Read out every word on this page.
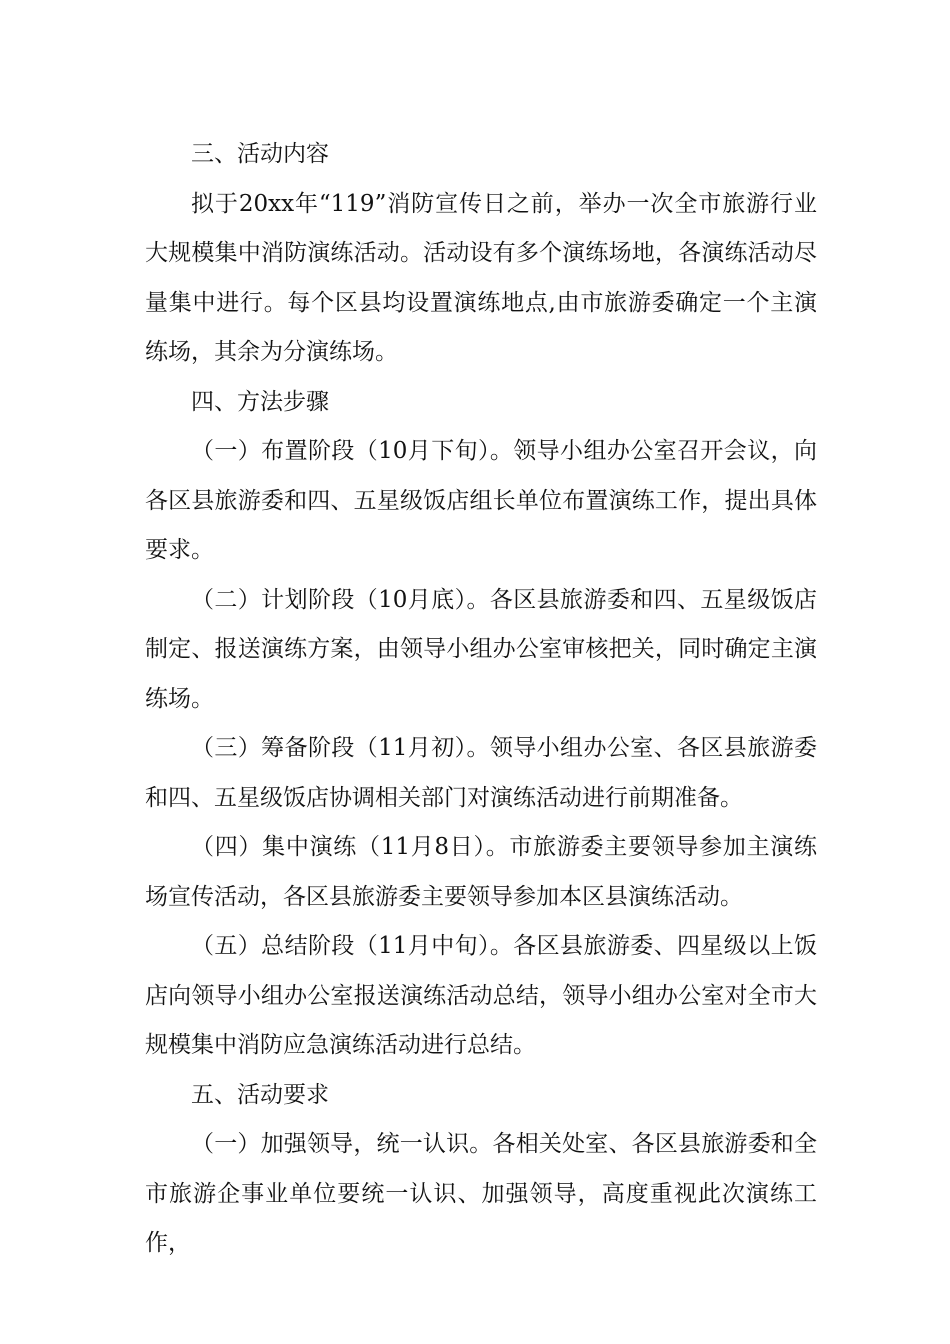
三、活动内容

拟于20xx年“119”消防宣传日之前，举办一次全市旅游行业大规模集中消防演练活动。活动设有多个演练场地，各演练活动尽量集中进行。每个区县均设置演练地点,由市旅游委确定一个主演练场，其余为分演练场。

四、方法步骤

（一）布置阶段（10月下旬）。领导小组办公室召开会议，向各区县旅游委和四、五星级饭店组长单位布置演练工作，提出具体要求。

（二）计划阶段（10月底）。各区县旅游委和四、五星级饭店制定、报送演练方案，由领导小组办公室审核把关，同时确定主演练场。

（三）筹备阶段（11月初）。领导小组办公室、各区县旅游委和四、五星级饭店协调相关部门对演练活动进行前期准备。

（四）集中演练（11月8日）。市旅游委主要领导参加主演练场宣传活动，各区县旅游委主要领导参加本区县演练活动。

（五）总结阶段（11月中旬）。各区县旅游委、四星级以上饭店向领导小组办公室报送演练活动总结，领导小组办公室对全市大规模集中消防应急演练活动进行总结。

五、活动要求

（一）加强领导，统一认识。各相关处室、各区县旅游委和全市旅游企事业单位要统一认识、加强领导，高度重视此次演练工作，
